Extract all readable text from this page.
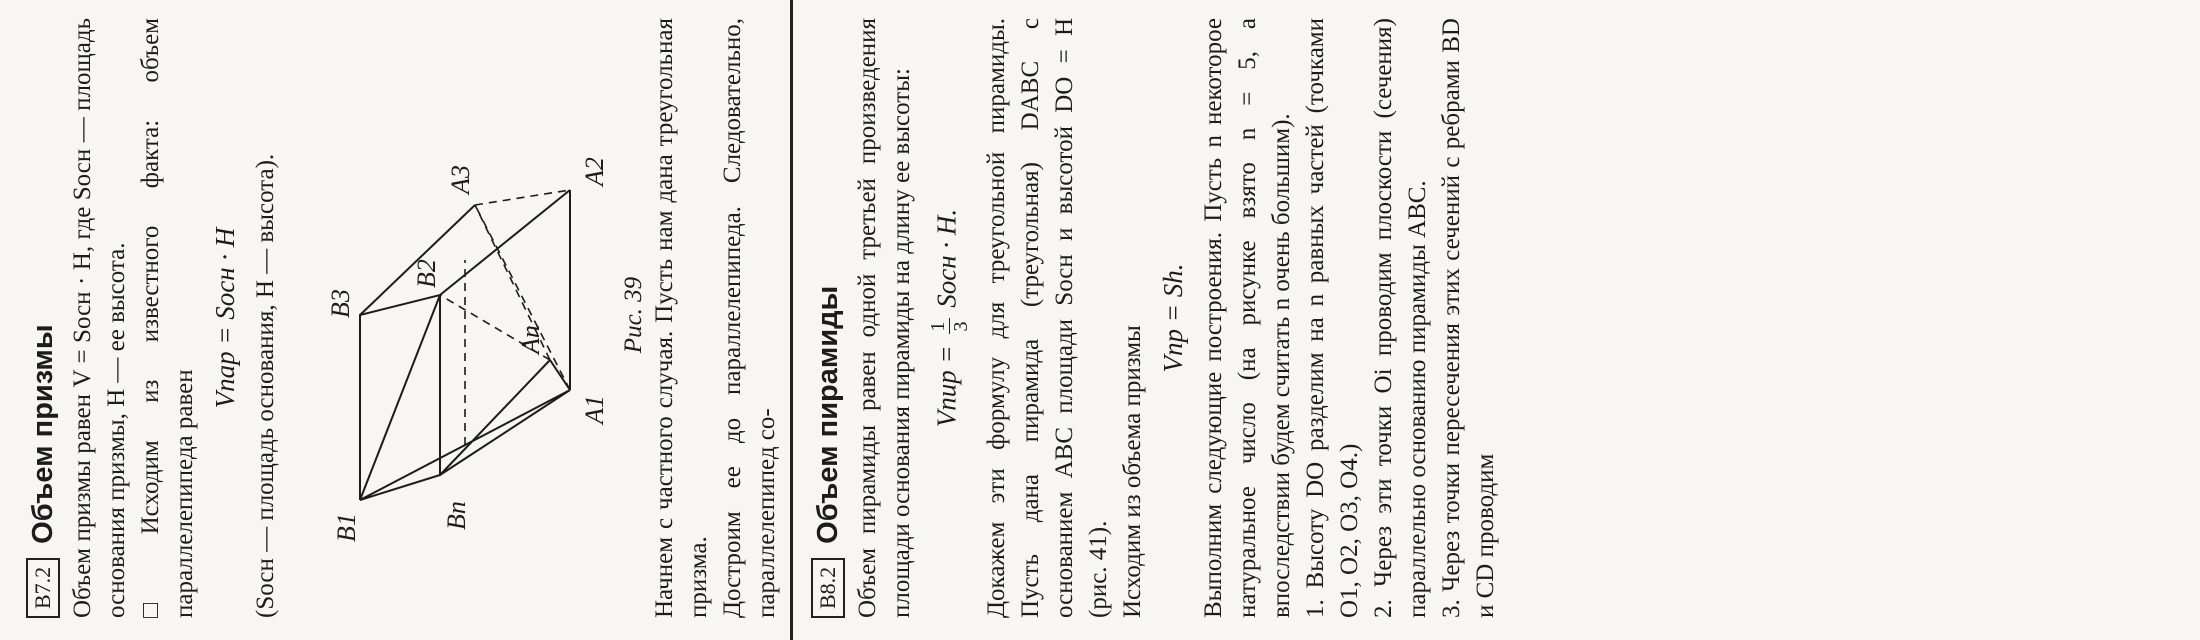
B7.2
Объем призмы Объем призмы равен V = Sосн · H, где Sосн — площадь основания призмы, H — ее высота. □ Исходим из известного факта: объем параллелепипеда равен

Vпар = Sосн · H (Sосн — площадь основания, H — высота). B1	Bn
B2
B3
A1
An
A2
A3
Рис. 39 Начнем с частного случая. Пусть нам дана треугольная призма. Достроим ее до параллелепипеда. Следовательно, параллелепипед со- B8.2
Объем пирамиды Объем пирамиды равен одной третьей произведения площади основания пирамиды на длину ее высоты: Vпир =
1 3
Sосн · H. Докажем эти формулу для треугольной пирамиды. Пусть дана пирамида (треугольная) DABC с основанием ABC площади Sосн и высотой DO = H (рис. 41). Исходим из объема призмы

Vпр = Sh. Выполним следующие построения. Пусть n некоторое натуральное число (на рисунке взято n = 5, а впоследствии будем считать n очень большим). 1. Высоту DO разделим на n равных частей (точками O1, O2, O3, O4.) 2. Через эти точки Oi проводим плоскости (сечения) параллельно основанию пирамиды ABC. 3. Через точки пересечения этих сечений с ребрами BD и CD проводим
